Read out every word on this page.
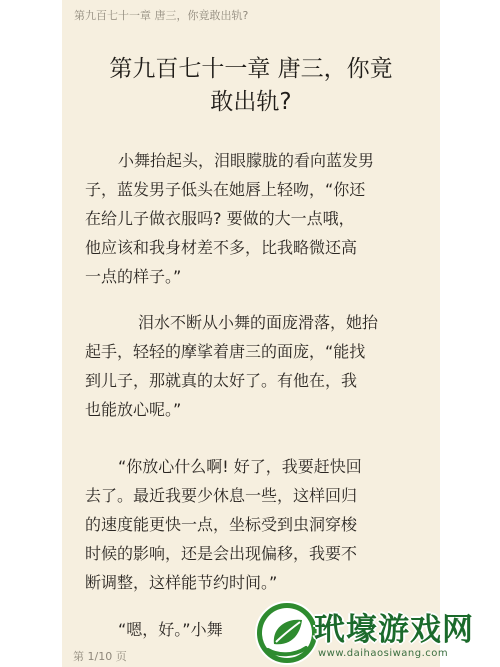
第九百七十一章 唐三，你竟敢出轨?
第九百七十一章 唐三，你竟
敢出轨?
小舞抬起头，泪眼朦胧的看向蓝发男
子，蓝发男子低头在她唇上轻吻，“你还
在给儿子做衣服吗? 要做的大一点哦，
他应该和我身材差不多，比我略微还高
一点的样子。”
泪水不断从小舞的面庞滑落，她抬
起手，轻轻的摩挲着唐三的面庞，“能找
到儿子，那就真的太好了。有他在，我
也能放心呢。”
“你放心什么啊! 好了，我要赶快回
去了。最近我要少休息一些，这样回归
的速度能更快一点，坐标受到虫洞穿梭
时候的影响，还是会出现偏移，我要不
断调整，这样能节约时间。”
“嗯，好。”小舞
第 1/10 页
玳壕游戏网
www.daihaosiwang.com
